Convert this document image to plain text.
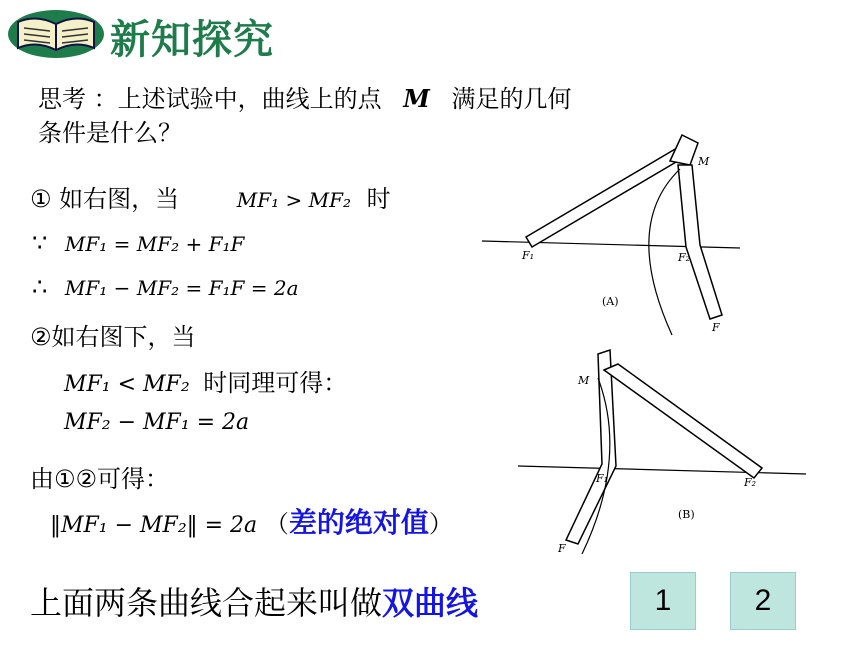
新知探究
思考 ：上述试验中，曲线上的点 M 满足的几何
条件是什么？
① 如右图，当	MF₁ > MF₂ 时
∵ MF₁ = MF₂ + F₁F
∴ MF₁ − MF₂ = F₁F = 2a
②如右图下，当
MF₁ < MF₂ 时同理可得：
MF₂ − MF₁ = 2a
由①②可得：
‖MF₁ − MF₂‖ = 2a （差的绝对值）
上面两条曲线合起来叫做双曲线	1	2
F₁	F₂
M
F
(A)
M
F₁	F₂
F
(B)
